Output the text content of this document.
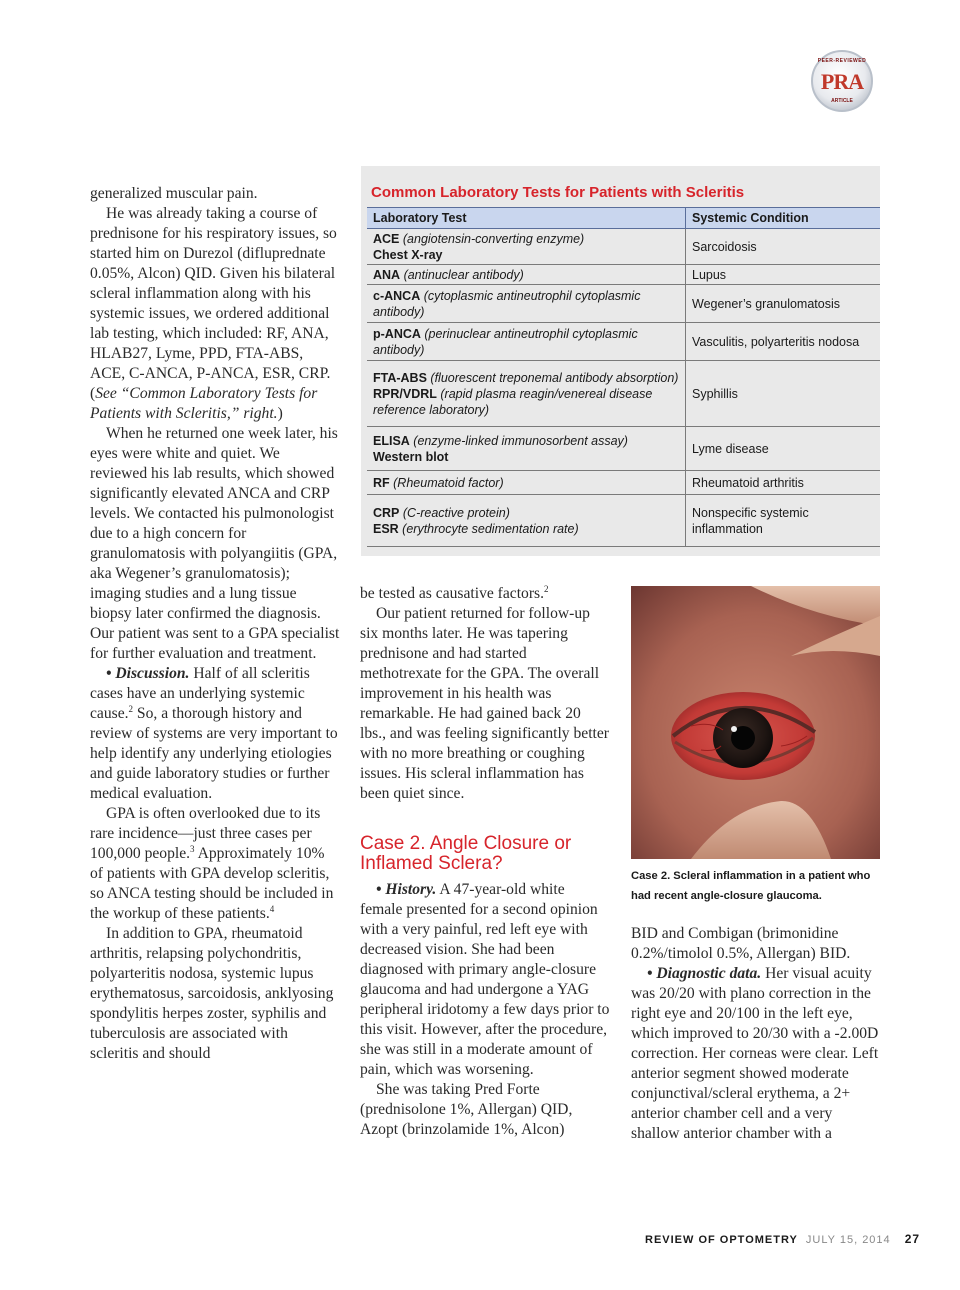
PEER-REVIEWED
PRA
ARTICLE

generalized muscular pain.

He was already taking a course of prednisone for his respiratory issues, so started him on Durezol (difluprednate 0.05%, Alcon) QID. Given his bilateral scleral inflammation along with his systemic issues, we ordered additional lab testing, which included: RF, ANA, HLAB27, Lyme, PPD, FTA-ABS, ACE, C-ANCA, P-ANCA, ESR, CRP. (See “Common Laboratory Tests for Patients with Scleritis,” right.)

When he returned one week later, his eyes were white and quiet. We reviewed his lab results, which showed significantly elevated ANCA and CRP levels. We contacted his pulmonologist due to a high concern for granulomatosis with polyangiitis (GPA, aka Wegener’s granulomatosis); imaging studies and a lung tissue biopsy later confirmed the diagnosis. Our patient was sent to a GPA specialist for further evaluation and treatment.

• Discussion. Half of all scleritis cases have an underlying systemic cause.$^2$ So, a thorough history and review of systems are very important to help identify any underlying etiologies and guide laboratory studies or further medical evaluation.

GPA is often overlooked due to its rare incidence—just three cases per 100,000 people.$^3$ Approximately 10% of patients with GPA develop scleritis, so ANCA testing should be included in the workup of these patients.$^4$

In addition to GPA, rheumatoid arthritis, relapsing polychondritis, polyarteritis nodosa, systemic lupus erythematosus, sarcoidosis, anklyosing spondylitis herpes zoster, syphilis and tuberculosis are associated with scleritis and should

Common Laboratory Tests for Patients with Scleritis
Laboratory Test	Systemic Condition
ACE (angiotensin-converting enzyme)
Chest X-ray	Sarcoidosis
ANA (antinuclear antibody)	Lupus
c-ANCA (cytoplasmic antineutrophil cytoplasmic antibody)	Wegener’s granulomatosis
p-ANCA (perinuclear antineutrophil cytoplasmic antibody)	Vasculitis, polyarteritis nodosa
FTA-ABS (fluorescent treponemal antibody absorption)
RPR/VDRL (rapid plasma reagin/venereal disease reference laboratory)	Syphillis
ELISA (enzyme-linked immunosorbent assay)
Western blot	Lyme disease
RF (Rheumatoid factor)	Rheumatoid arthritis
CRP (C-reactive protein)
ESR (erythrocyte sedimentation rate)	Nonspecific systemic inflammation

be tested as causative factors.$^2$

Our patient returned for follow-up six months later. He was tapering prednisone and had started methotrexate for the GPA. The overall improvement in his health was remarkable. He had gained back 20 lbs., and was feeling significantly better with no more breathing or coughing issues. His scleral inflammation has been quiet since.

Case 2. Angle Closure or Inflamed Sclera?

• History. A 47-year-old white female presented for a second opinion with a very painful, red left eye with decreased vision. She had been diagnosed with primary angle-closure glaucoma and had undergone a YAG peripheral iridotomy a few days prior to this visit. However, after the procedure, she was still in a moderate amount of pain, which was worsening.

She was taking Pred Forte (prednisolone 1%, Allergan) QID, Azopt (brinzolamide 1%, Alcon)

Case 2. Scleral inflammation in a patient who had recent angle-closure glaucoma.

BID and Combigan (brimonidine 0.2%/timolol 0.5%, Allergan) BID.

• Diagnostic data. Her visual acuity was 20/20 with plano correction in the right eye and 20/100 in the left eye, which improved to 20/30 with a -2.00D correction. Her corneas were clear. Left anterior segment showed moderate conjunctival/scleral erythema, a 2+ anterior chamber cell and a very shallow anterior chamber with a

REVIEW OF OPTOMETRY JULY 15, 2014 27
